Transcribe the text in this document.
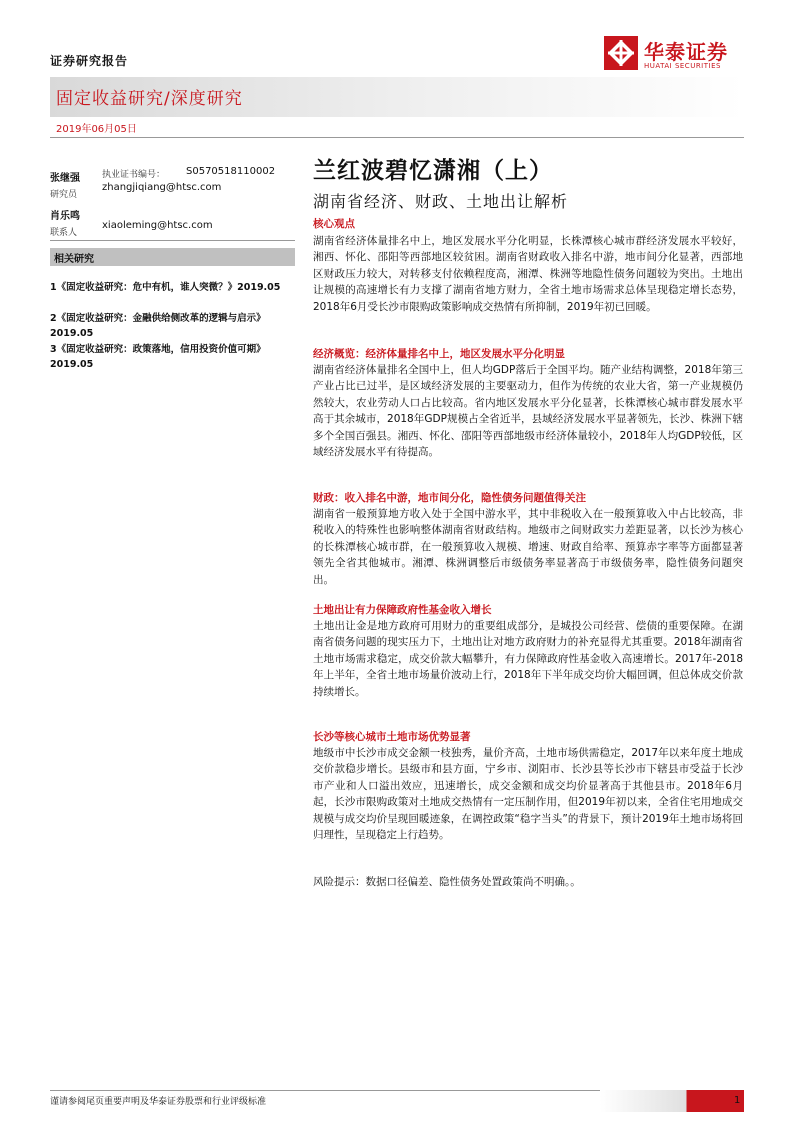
证券研究报告	华泰证券
HUATAI SECURITIES
固定收益研究/深度研究
2019年06月05日
张继强 执业证书编号： S0570518110002
研究员
zhangjiqiang@htsc.com
肖乐鸣
联系人
xiaoleming@htsc.com
相关研究
1《固定收益研究：危中有机，谁人突微？》2019.05
2《固定收益研究：金融供给侧改革的逻辑与启示》2019.05
3《固定收益研究：政策落地，信用投资价值可期》2019.05
兰红波碧忆潇湘（上）
湖南省经济、财政、土地出让解析
核心观点
湖南省经济体量排名中上，地区发展水平分化明显，长株潭核心城市群经济发展水平较好，湘西、怀化、邵阳等西部地区较贫困。湖南省财政收入排名中游，地市间分化显著，西部地区财政压力较大，对转移支付依赖程度高，湘潭、株洲等地隐性债务问题较为突出。土地出让规模的高速增长有力支撑了湖南省地方财力，全省土地市场需求总体呈现稳定增长态势，2018年6月受长沙市限购政策影响成交热情有所抑制，2019年初已回暖。
经济概览：经济体量排名中上，地区发展水平分化明显
湖南省经济体量排名全国中上，但人均GDP落后于全国平均。随产业结构调整，2018年第三产业占比已过半，是区域经济发展的主要驱动力，但作为传统的农业大省，第一产业规模仍然较大，农业劳动人口占比较高。省内地区发展水平分化显著，长株潭核心城市群发展水平高于其余城市，2018年GDP规模占全省近半，县域经济发展水平显著领先，长沙、株洲下辖多个全国百强县。湘西、怀化、邵阳等西部地级市经济体量较小，2018年人均GDP较低，区域经济发展水平有待提高。
财政：收入排名中游，地市间分化，隐性债务问题值得关注
湖南省一般预算地方收入处于全国中游水平，其中非税收入在一般预算收入中占比较高，非税收入的特殊性也影响整体湖南省财政结构。地级市之间财政实力差距显著，以长沙为核心的长株潭核心城市群，在一般预算收入规模、增速、财政自给率、预算赤字率等方面都显著领先全省其他城市。湘潭、株洲调整后市级债务率显著高于市级债务率，隐性债务问题突出。
土地出让有力保障政府性基金收入增长
土地出让金是地方政府可用财力的重要组成部分，是城投公司经营、偿债的重要保障。在湖南省债务问题的现实压力下，土地出让对地方政府财力的补充显得尤其重要。2018年湖南省土地市场需求稳定，成交价款大幅攀升，有力保障政府性基金收入高速增长。2017年-2018年上半年，全省土地市场量价波动上行，2018年下半年成交均价大幅回调，但总体成交价款持续增长。
长沙等核心城市土地市场优势显著
地级市中长沙市成交金额一枝独秀，量价齐高，土地市场供需稳定，2017年以来年度土地成交价款稳步增长。县级市和县方面，宁乡市、浏阳市、长沙县等长沙市下辖县市受益于长沙市产业和人口溢出效应，迅速增长，成交金额和成交均价显著高于其他县市。2018年6月起，长沙市限购政策对土地成交热情有一定压制作用，但2019年初以来，全省住宅用地成交规模与成交均价呈现回暖迹象，在调控政策“稳字当头”的背景下，预计2019年土地市场将回归理性，呈现稳定上行趋势。
风险提示：数据口径偏差、隐性债务处置政策尚不明确。。
谨请参阅尾页重要声明及华泰证券股票和行业评级标准	1
